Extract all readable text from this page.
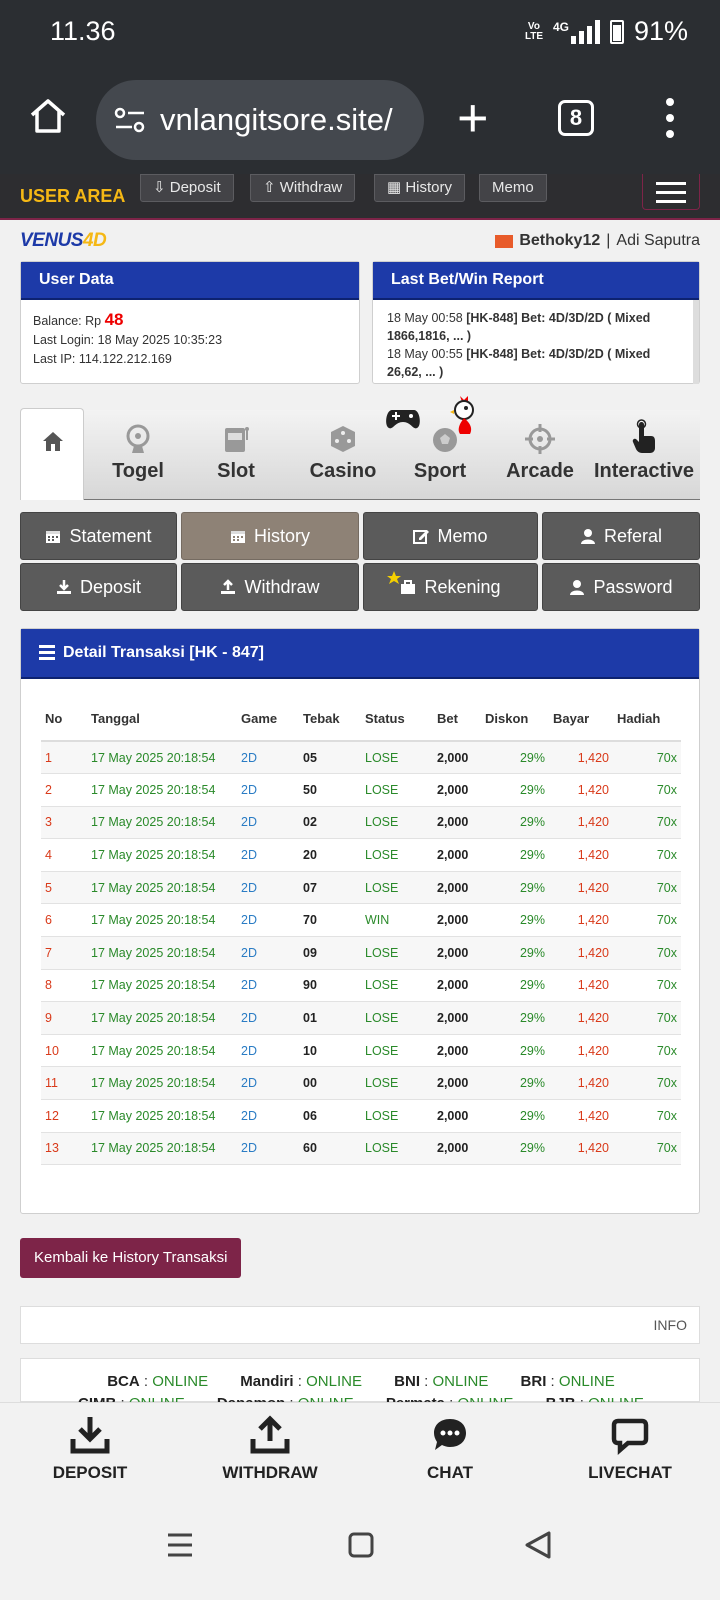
11.36	Vo LTE
4G 91%
vnlangitsore.site/ +	8
USER AREA	⇩ Deposit	⇧ Withdraw	▦ History	Memo
VENUS4D	Bethoky12 | Adi Saputra
User Data
Balance: Rp 48
Last Login: 18 May 2025 10:35:23
Last IP: 114.122.212.169
Last Bet/Win Report
18 May 00:58 [HK-848] Bet: 4D/3D/2D ( Mixed 1866,1816, ... )
18 May 00:55 [HK-848] Bet: 4D/3D/2D ( Mixed 26,62, ... )
Togel	Slot	Casino	Sport	Arcade	Interactive
Statement	History	Memo	Referal
Deposit	Withdraw	Rekening	Password
Detail Transaksi [HK - 847]
No	Tanggal	Game	Tebak	Status	Bet	Diskon	Bayar	Hadiah
1	17 May 2025 20:18:54	2D	05	LOSE	2,000	29%	1,420	70x
2	17 May 2025 20:18:54	2D	50	LOSE	2,000	29%	1,420	70x
3	17 May 2025 20:18:54	2D	02	LOSE	2,000	29%	1,420	70x
4	17 May 2025 20:18:54	2D	20	LOSE	2,000	29%	1,420	70x
5	17 May 2025 20:18:54	2D	07	LOSE	2,000	29%	1,420	70x
6	17 May 2025 20:18:54	2D	70	WIN	2,000	29%	1,420	70x
7	17 May 2025 20:18:54	2D	09	LOSE	2,000	29%	1,420	70x
8	17 May 2025 20:18:54	2D	90	LOSE	2,000	29%	1,420	70x
9	17 May 2025 20:18:54	2D	01	LOSE	2,000	29%	1,420	70x
10	17 May 2025 20:18:54	2D	10	LOSE	2,000	29%	1,420	70x
11	17 May 2025 20:18:54	2D	00	LOSE	2,000	29%	1,420	70x
12	17 May 2025 20:18:54	2D	06	LOSE	2,000	29%	1,420	70x
13	17 May 2025 20:18:54	2D	60	LOSE	2,000	29%	1,420	70x
Kembali ke History Transaksi
INFO
BCA : ONLINE Mandiri : ONLINE BNI : ONLINE BRI : ONLINE
DEPOSIT	WITHDRAW	CHAT	LIVECHAT
